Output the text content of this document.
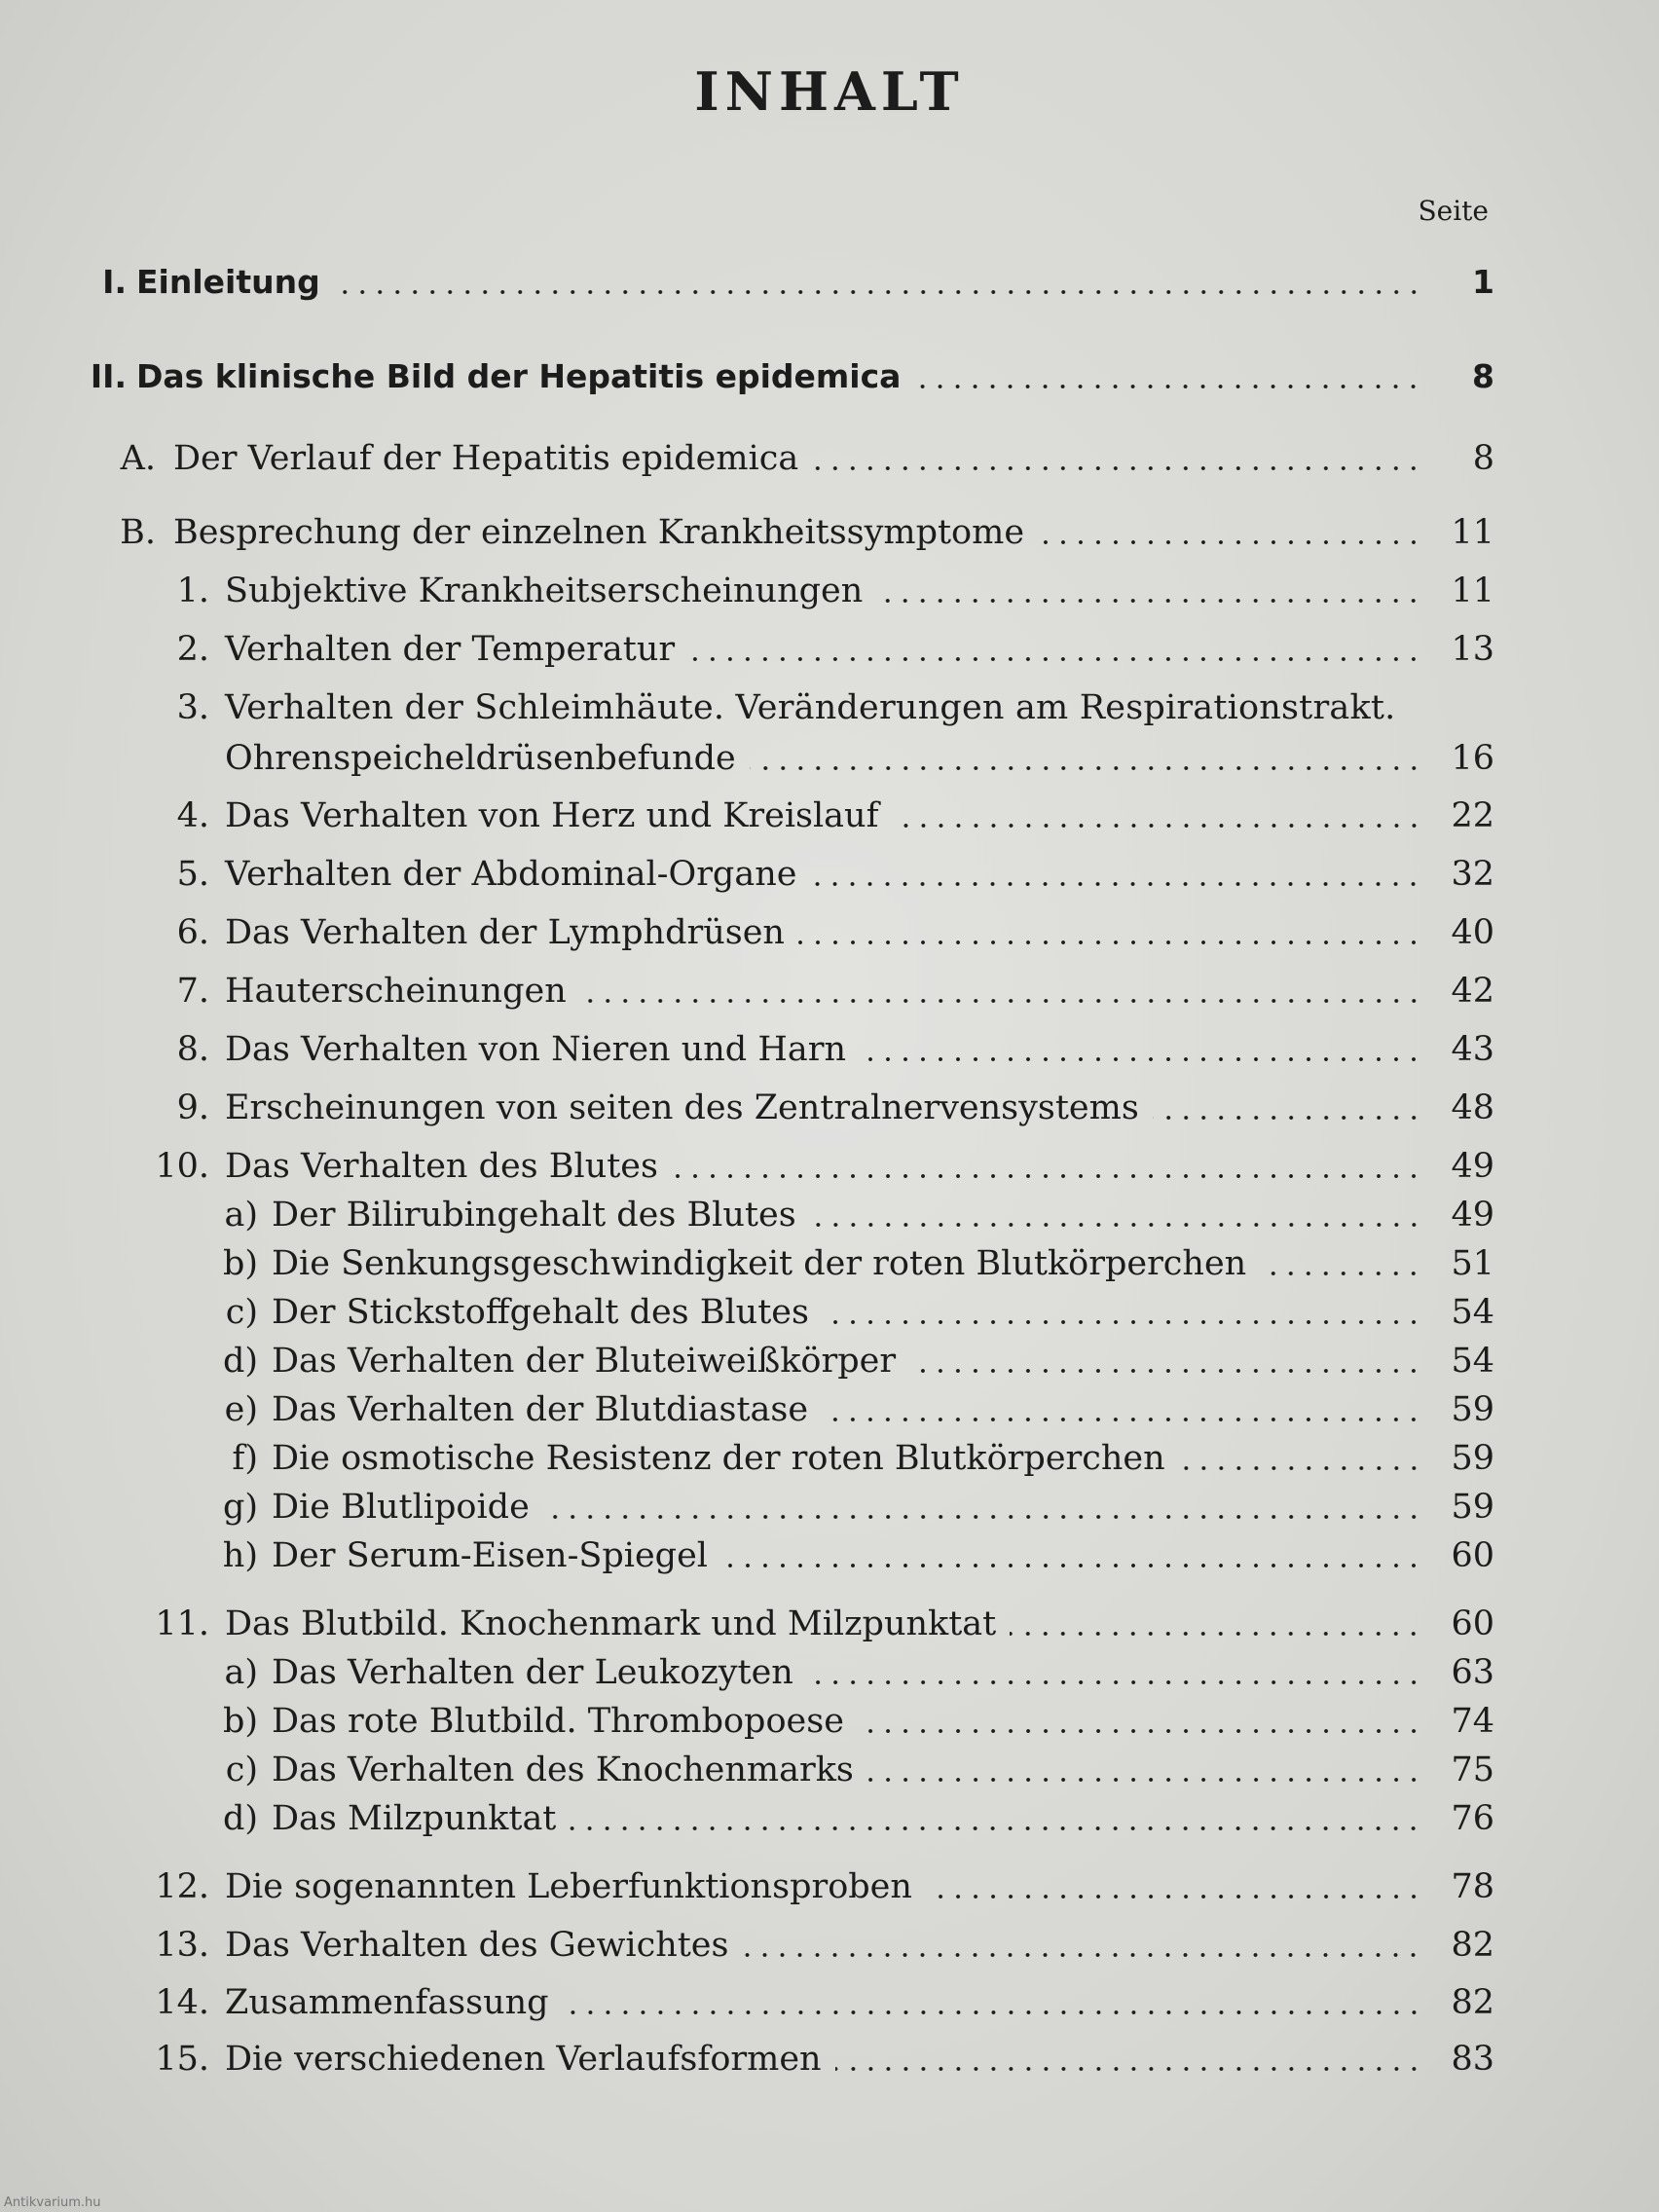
INHALT
Seite
I. Einleitung	1
II. Das klinische Bild der Hepatitis epidemica	8
A. Der Verlauf der Hepatitis epidemica	8
B. Besprechung der einzelnen Krankheitssymptome	11
1. Subjektive Krankheitserscheinungen	11
2. Verhalten der Temperatur	13
3. Verhalten der Schleimhäute. Veränderungen am Respirationstrakt.
Ohrenspeicheldrüsenbefunde	16
4. Das Verhalten von Herz und Kreislauf	22
5. Verhalten der Abdominal-Organe	32
6. Das Verhalten der Lymphdrüsen	40
7. Hauterscheinungen	42
8. Das Verhalten von Nieren und Harn	43
9. Erscheinungen von seiten des Zentralnervensystems	48
10. Das Verhalten des Blutes	49
a) Der Bilirubingehalt des Blutes	49
b) Die Senkungsgeschwindigkeit der roten Blutkörperchen	51
c) Der Stickstoffgehalt des Blutes	54
d) Das Verhalten der Bluteiweißkörper	54
e) Das Verhalten der Blutdiastase	59
f) Die osmotische Resistenz der roten Blutkörperchen	59
g) Die Blutlipoide	59
h) Der Serum-Eisen-Spiegel	60
11. Das Blutbild. Knochenmark und Milzpunktat	60
a) Das Verhalten der Leukozyten	63
b) Das rote Blutbild. Thrombopoese	74
c) Das Verhalten des Knochenmarks	75
d) Das Milzpunktat	76
12. Die sogenannten Leberfunktionsproben	78
13. Das Verhalten des Gewichtes	82
14. Zusammenfassung	82
15. Die verschiedenen Verlaufsformen	83
Antikvarium.hu
